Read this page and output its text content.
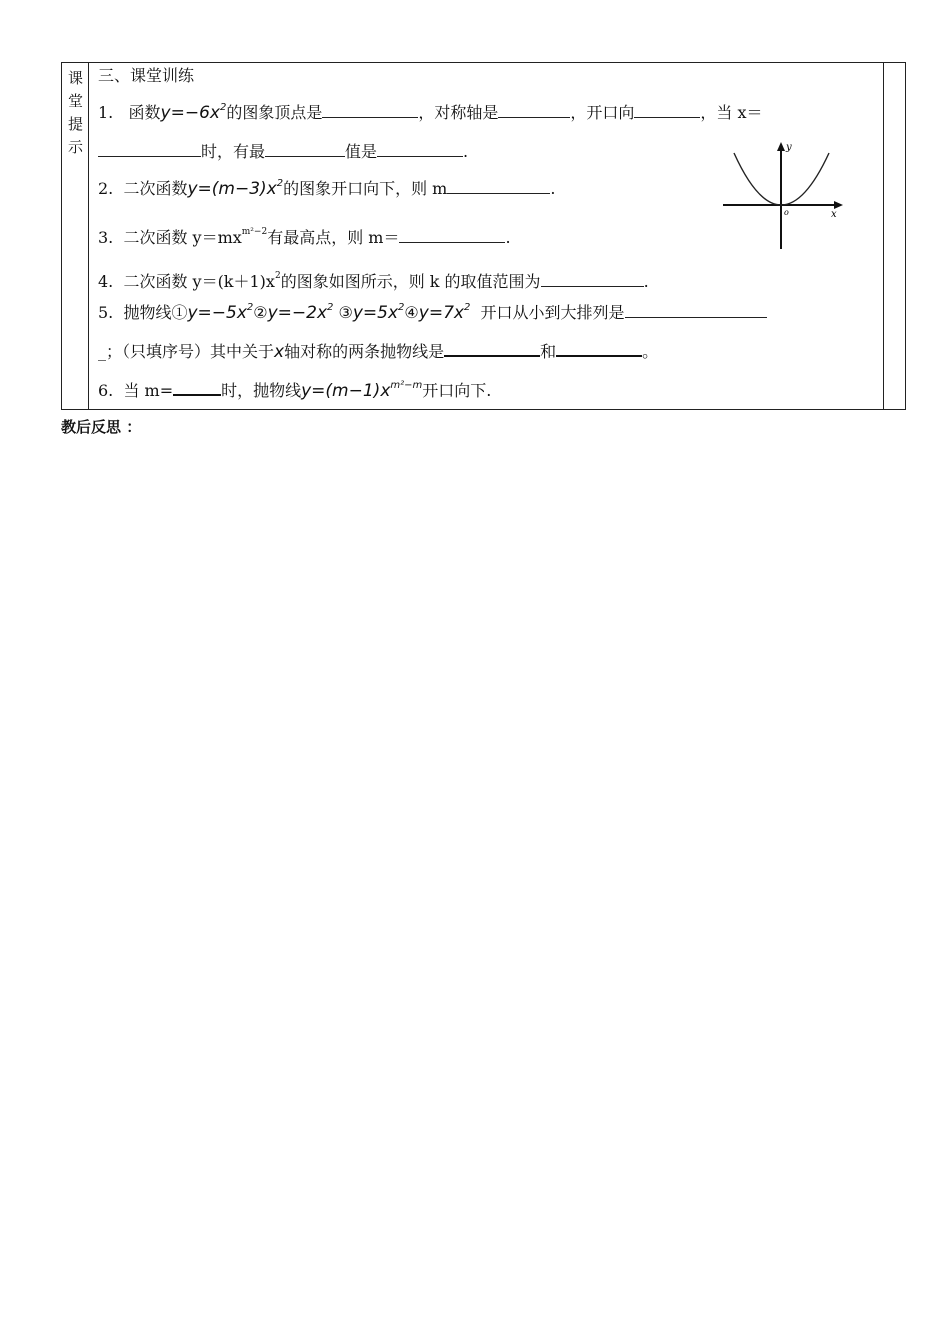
课
堂
提
示
三、课堂训练
1. 函数$y=-6x^2$的图象顶点是	，对称轴是	，开口向	，当 x＝
时，有最	值是	.
2. 二次函数$y=(m-3)x^2$的图象开口向下，则 m	.
3. 二次函数 $y=mx^{m^2-2}$有最高点，则 m＝	.
4. 二次函数 $y=(k+1)x^2$的图象如图所示，则 k 的取值范围为	.
5. 抛物线$①y=-5x^2②y=-2x^2$ $③y=5x^2④y=7x^2$ 开口从小到大排列是
_；（只填序号）其中关于x轴对称的两条抛物线是	和	。
6. 当 m=	时，抛物线$y=(m-1)x^{m^2-m}$开口向下.
y
x
o
教后反思 ：
